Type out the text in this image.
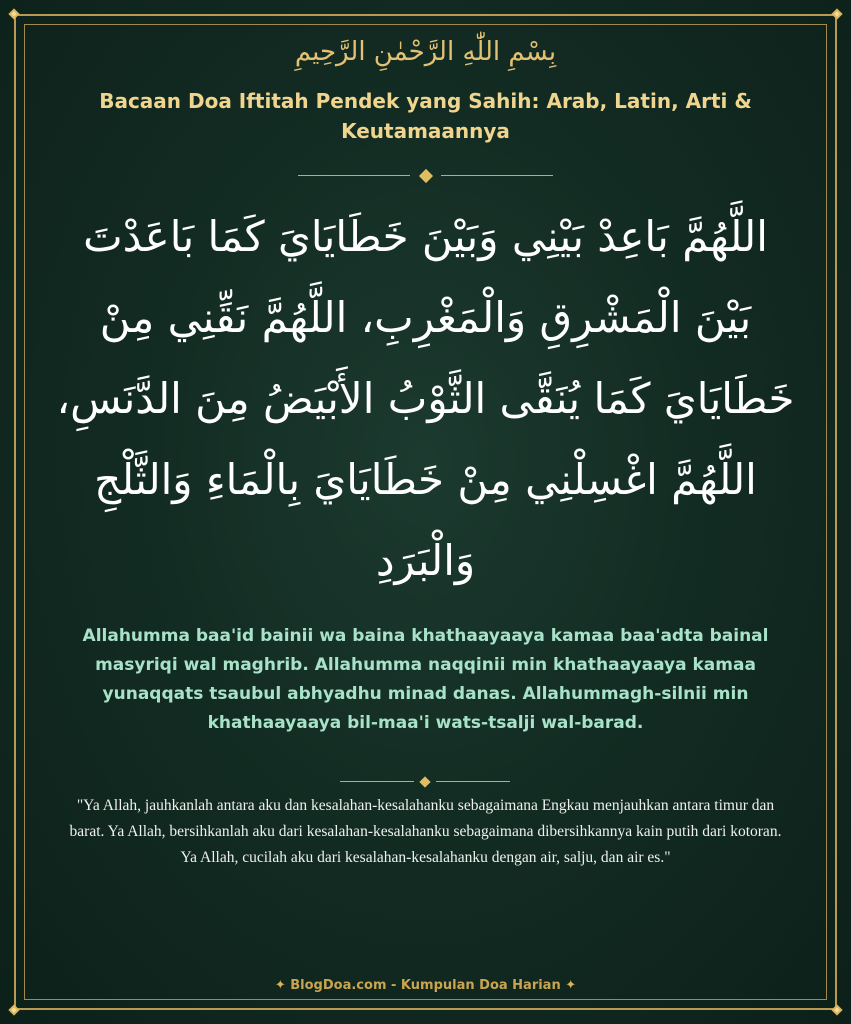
بِسْمِ اللّٰهِ الرَّحْمٰنِ الرَّحِيمِ
Bacaan Doa Iftitah Pendek yang Sahih: Arab, Latin, Arti & Keutamaannya
اللَّهُمَّ بَاعِدْ بَيْنِي وَبَيْنَ خَطَايَايَ كَمَا بَاعَدْتَ بَيْنَ الْمَشْرِقِ وَالْمَغْرِبِ، اللَّهُمَّ نَقِّنِي مِنْ خَطَايَايَ كَمَا يُنَقَّى الثَّوْبُ الأَبْيَضُ مِنَ الدَّنَسِ، اللَّهُمَّ اغْسِلْنِي مِنْ خَطَايَايَ بِالْمَاءِ وَالثَّلْجِ وَالْبَرَدِ
Allahumma baa'id bainii wa baina khathaayaaya kamaa baa'adta bainal masyriqi wal maghrib. Allahumma naqqinii min khathaayaaya kamaa yunaqqats tsaubul abhyadhu minad danas. Allahummagh-silnii min khathaayaaya bil-maa'i wats-tsalji wal-barad.
"Ya Allah, jauhkanlah antara aku dan kesalahan-kesalahanku sebagaimana Engkau menjauhkan antara timur dan barat. Ya Allah, bersihkanlah aku dari kesalahan-kesalahanku sebagaimana dibersihkannya kain putih dari kotoran. Ya Allah, cucilah aku dari kesalahan-kesalahanku dengan air, salju, dan air es."
✦ BlogDoa.com - Kumpulan Doa Harian ✦
